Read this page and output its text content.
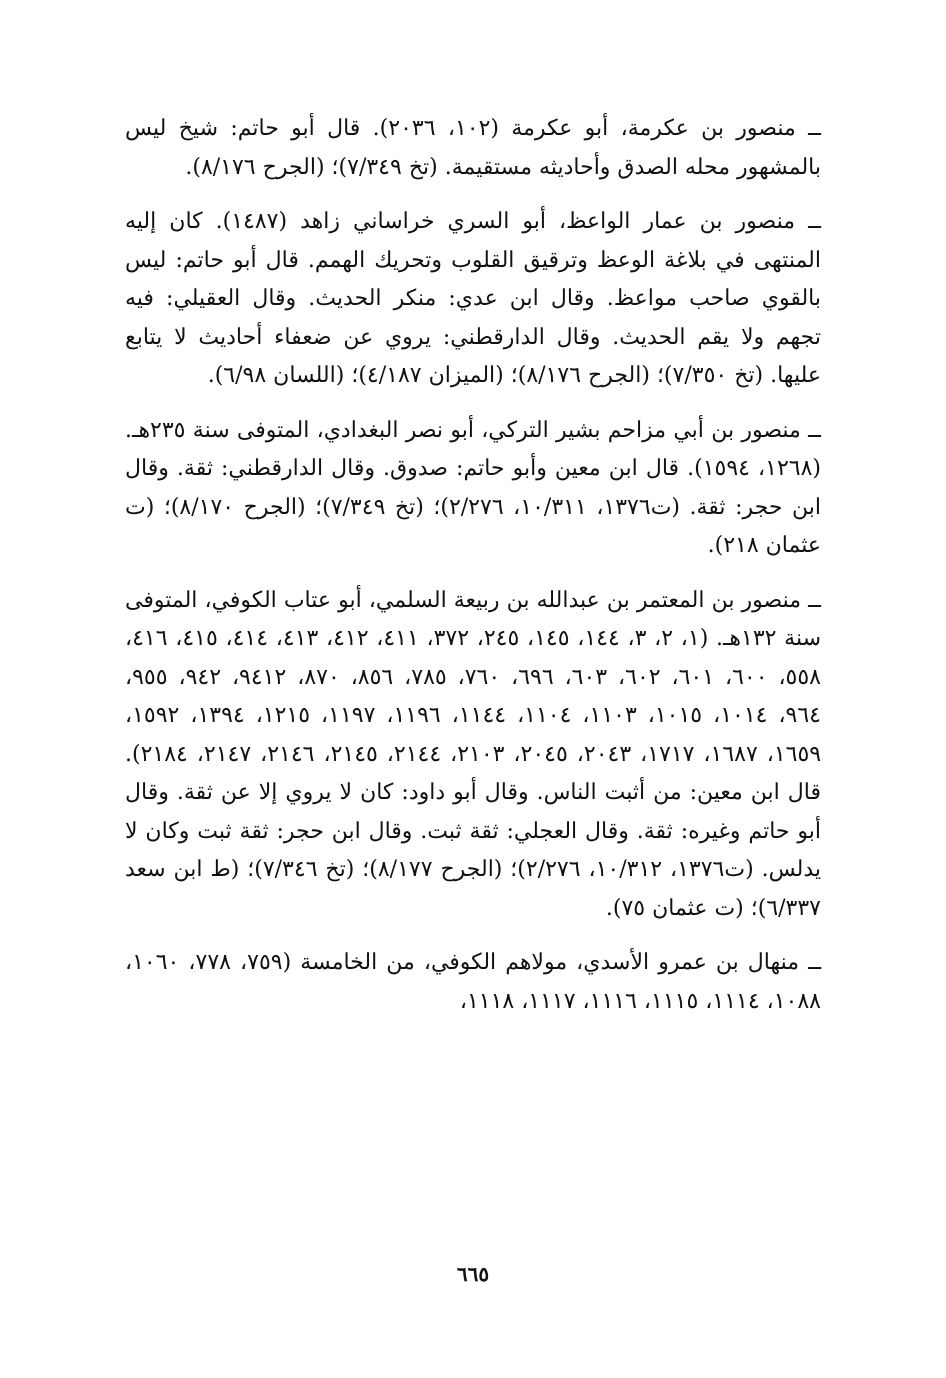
ــ منصور بن عكرمة، أبو عكرمة (١٠٢، ٢٠٣٦). قال أبو حاتم: شيخ ليس بالمشهور محله الصدق وأحاديثه مستقيمة. (تخ ٧/٣٤٩)؛ (الجرح ٨/١٧٦).

ــ منصور بن عمار الواعظ، أبو السري خراساني زاهد (١٤٨٧). كان إليه المنتهى في بلاغة الوعظ وترقيق القلوب وتحريك الهمم. قال أبو حاتم: ليس بالقوي صاحب مواعظ. وقال ابن عدي: منكر الحديث. وقال العقيلي: فيه تجهم ولا يقم الحديث. وقال الدارقطني: يروي عن ضعفاء أحاديث لا يتابع عليها. (تخ ٧/٣٥٠)؛ (الجرح ٨/١٧٦)؛ (الميزان ٤/١٨٧)؛ (اللسان ٦/٩٨).

ــ منصور بن أبي مزاحم بشير التركي، أبو نصر البغدادي، المتوفى سنة ٢٣٥هـ. (١٢٦٨، ١٥٩٤). قال ابن معين وأبو حاتم: صدوق. وقال الدارقطني: ثقة. وقال ابن حجر: ثقة. (ت١٣٧٦، ١٠/٣١١، ٢/٢٧٦)؛ (تخ ٧/٣٤٩)؛ (الجرح ٨/١٧٠)؛ (ت عثمان ٢١٨).

ــ منصور بن المعتمر بن عبدالله بن ربيعة السلمي، أبو عتاب الكوفي، المتوفى سنة ١٣٢هـ. (١، ٢، ٣، ١٤٤، ١٤٥، ٢٤٥، ٣٧٢، ٤١١، ٤١٢، ٤١٣، ٤١٤، ٤١٥، ٤١٦، ٥٥٨، ٦٠٠، ٦٠١، ٦٠٢، ٦٠٣، ٦٩٦، ٧٦٠، ٧٨٥، ٨٥٦، ٨٧٠، ٩٤١٢، ٩٤٢، ٩٥٥، ٩٦٤، ١٠١٤، ١٠١٥، ١١٠٣، ١١٠٤، ١١٤٤، ١١٩٦، ١١٩٧، ١٢١٥، ١٣٩٤، ١٥٩٢، ١٦٥٩، ١٦٨٧، ١٧١٧، ٢٠٤٣، ٢٠٤٥، ٢١٠٣، ٢١٤٤، ٢١٤٥، ٢١٤٦، ٢١٤٧، ٢١٨٤). قال ابن معين: من أثبت الناس. وقال أبو داود: كان لا يروي إلا عن ثقة. وقال أبو حاتم وغيره: ثقة. وقال العجلي: ثقة ثبت. وقال ابن حجر: ثقة ثبت وكان لا يدلس. (ت١٣٧٦، ١٠/٣١٢، ٢/٢٧٦)؛ (الجرح ٨/١٧٧)؛ (تخ ٧/٣٤٦)؛ (ط ابن سعد ٦/٣٣٧)؛ (ت عثمان ٧٥).

ــ منهال بن عمرو الأسدي، مولاهم الكوفي، من الخامسة (٧٥٩، ٧٧٨، ١٠٦٠، ١٠٨٨، ١١١٤، ١١١٥، ١١١٦، ١١١٧، ١١١٨،

٦٦٥
